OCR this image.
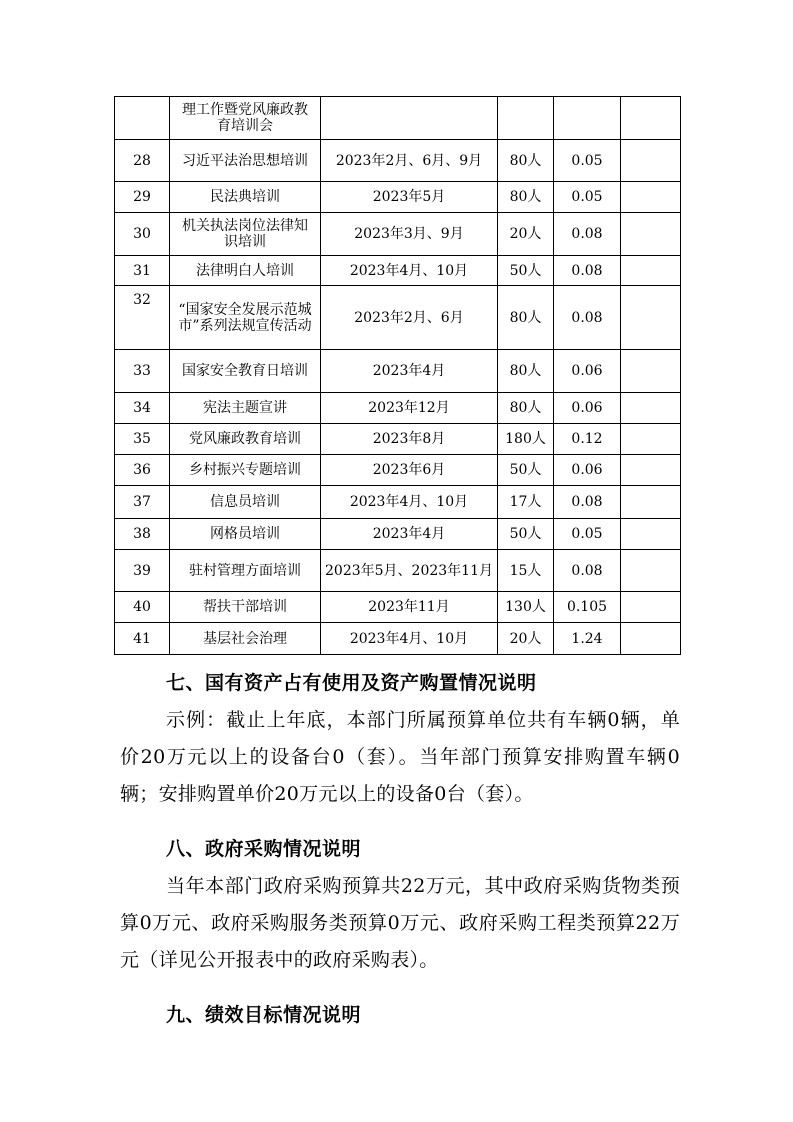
	理工作暨党风廉政教育培训会				
28	习近平法治思想培训	2023年2月、6月、9月	80人	0.05	
29	民法典培训	2023年5月	80人	0.05	
30	机关执法岗位法律知识培训	2023年3月、9月	20人	0.08	
31	法律明白人培训	2023年4月、10月	50人	0.08	
32	“国家安全发展示范城市”系列法规宣传活动	2023年2月、6月	80人	0.08	
33	国家安全教育日培训	2023年4月	80人	0.06	
34	宪法主题宣讲	2023年12月	80人	0.06	
35	党风廉政教育培训	2023年8月	180人	0.12	
36	乡村振兴专题培训	2023年6月	50人	0.06	
37	信息员培训	2023年4月、10月	17人	0.08	
38	网格员培训	2023年4月	50人	0.05	
39	驻村管理方面培训	2023年5月、2023年11月	15人	0.08	
40	帮扶干部培训	2023年11月	130人	0.105	
41	基层社会治理	2023年4月、10月	20人	1.24	
七、国有资产占有使用及资产购置情况说明
示例：截止上年底，本部门所属预算单位共有车辆0辆，单价20万元以上的设备台0（套）。当年部门预算安排购置车辆0辆；安排购置单价20万元以上的设备0台（套）。
八、政府采购情况说明
当年本部门政府采购预算共22万元，其中政府采购货物类预算0万元、政府采购服务类预算0万元、政府采购工程类预算22万元（详见公开报表中的政府采购表）。
九、绩效目标情况说明
